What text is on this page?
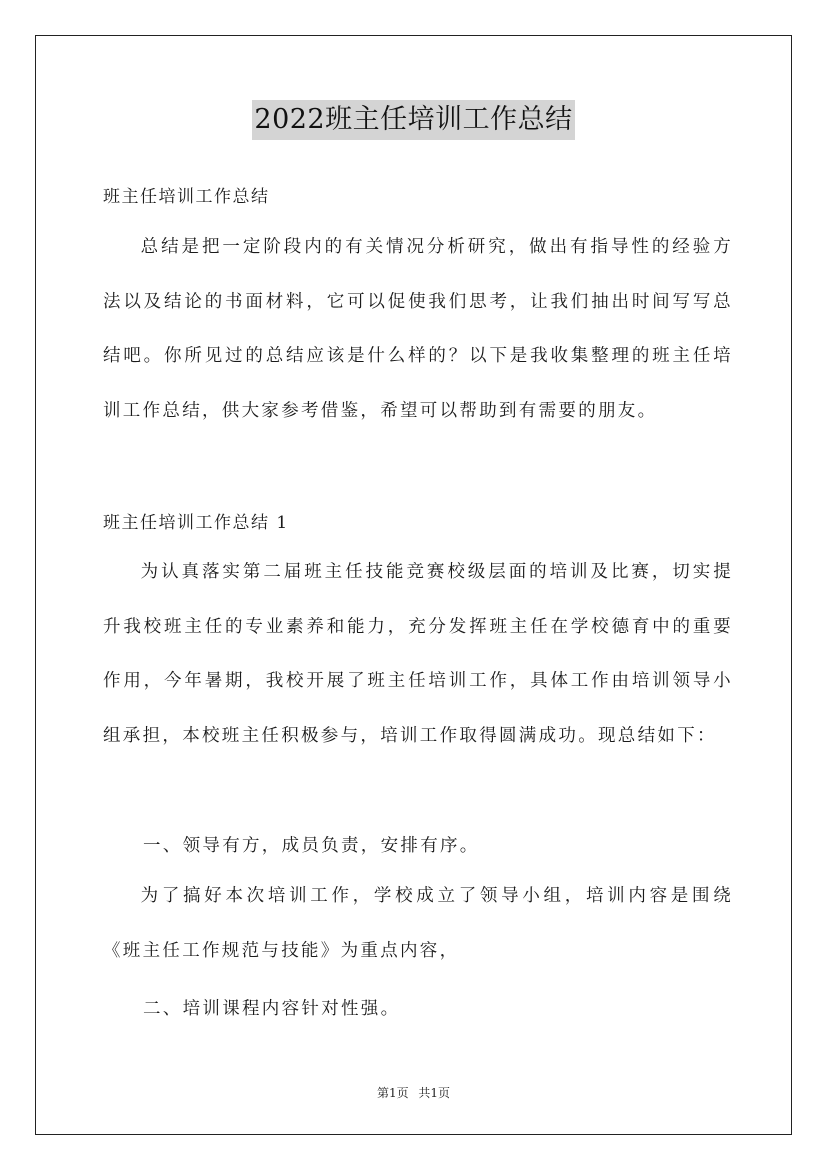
2022班主任培训工作总结
班主任培训工作总结
总结是把一定阶段内的有关情况分析研究，做出有指导性的经验方法以及结论的书面材料，它可以促使我们思考，让我们抽出时间写写总结吧。你所见过的总结应该是什么样的？以下是我收集整理的班主任培训工作总结，供大家参考借鉴，希望可以帮助到有需要的朋友。
班主任培训工作总结 1
为认真落实第二届班主任技能竞赛校级层面的培训及比赛，切实提升我校班主任的专业素养和能力，充分发挥班主任在学校德育中的重要作用，今年暑期，我校开展了班主任培训工作，具体工作由培训领导小组承担，本校班主任积极参与，培训工作取得圆满成功。现总结如下：
一、领导有方，成员负责，安排有序。
为了搞好本次培训工作，学校成立了领导小组，培训内容是围绕《班主任工作规范与技能》为重点内容，
二、培训课程内容针对性强。
第1页 共1页
